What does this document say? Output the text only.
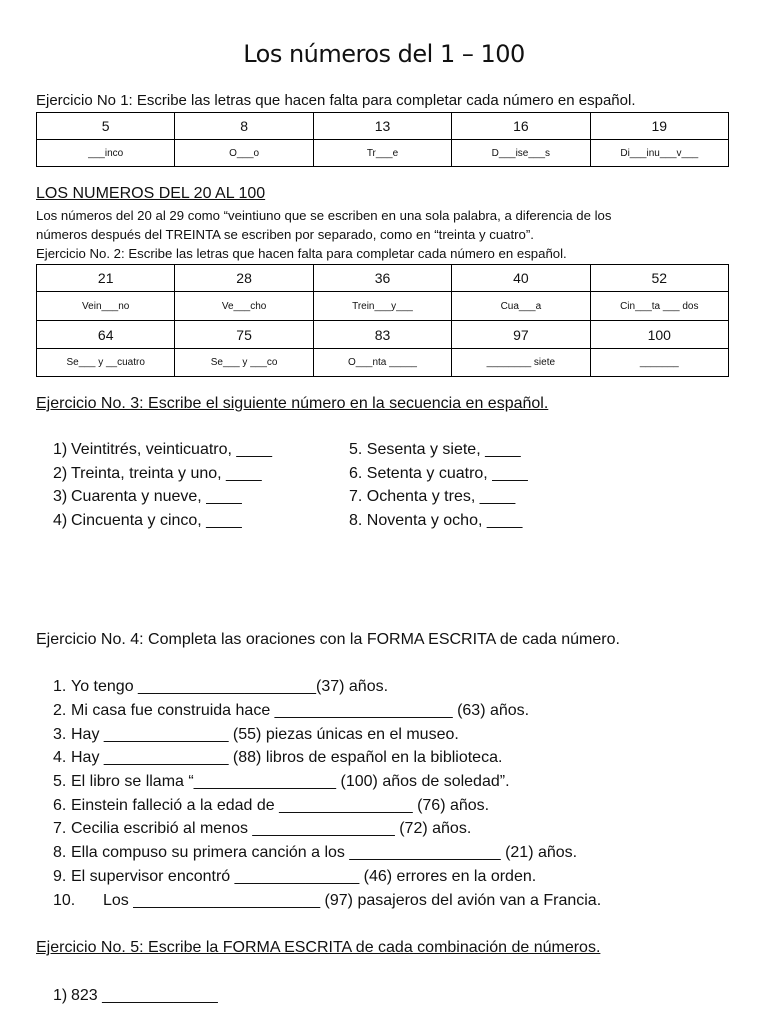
Los números del 1 – 100
Ejercicio No 1: Escribe las letras que hacen falta para completar cada número en español.
5	8	13	16	19
___inco	O___o	Tr___e	D___ise___s	Di___inu___v___
LOS NUMEROS DEL 20 AL 100
Los números del 20 al 29 como “veintiuno que se escriben en una sola palabra, a diferencia de los
números después del TREINTA se escriben por separado, como en “treinta y cuatro”.
Ejercicio No. 2: Escribe las letras que hacen falta para completar cada número en español.
21	28	36	40	52
Vein___no	Ve___cho	Trein___y___	Cua___a	Cin___ta ___ dos
64	75	83	97	100
Se___ y __cuatro	Se___ y ___co	O___nta _____	________ siete	_______
Ejercicio No. 3: Escribe el siguiente número en la secuencia en español.
1) Veintitrés, veinticuatro, ____
2) Treinta, treinta y uno, ____
3) Cuarenta y nueve, ____
4) Cincuenta y cinco, ____
5. Sesenta y siete, ____
6. Setenta y cuatro, ____
7. Ochenta y tres, ____
8. Noventa y ocho, ____
Ejercicio No. 4: Completa las oraciones con la FORMA ESCRITA de cada número.
1. Yo tengo ____________________(37) años.
2. Mi casa fue construida hace ____________________ (63) años.
3. Hay ______________ (55) piezas únicas en el museo.
4. Hay ______________ (88) libros de español en la biblioteca.
5. El libro se llama “________________ (100) años de soledad”.
6. Einstein falleció a la edad de _______________ (76) años.
7. Cecilia escribió al menos ________________ (72) años.
8. Ella compuso su primera canción a los _________________ (21) años.
9. El supervisor encontró ______________ (46) errores en la orden.
10. Los _____________________ (97) pasajeros del avión van a Francia.
Ejercicio No. 5: Escribe la FORMA ESCRITA de cada combinación de números.
1) 823 _____________
